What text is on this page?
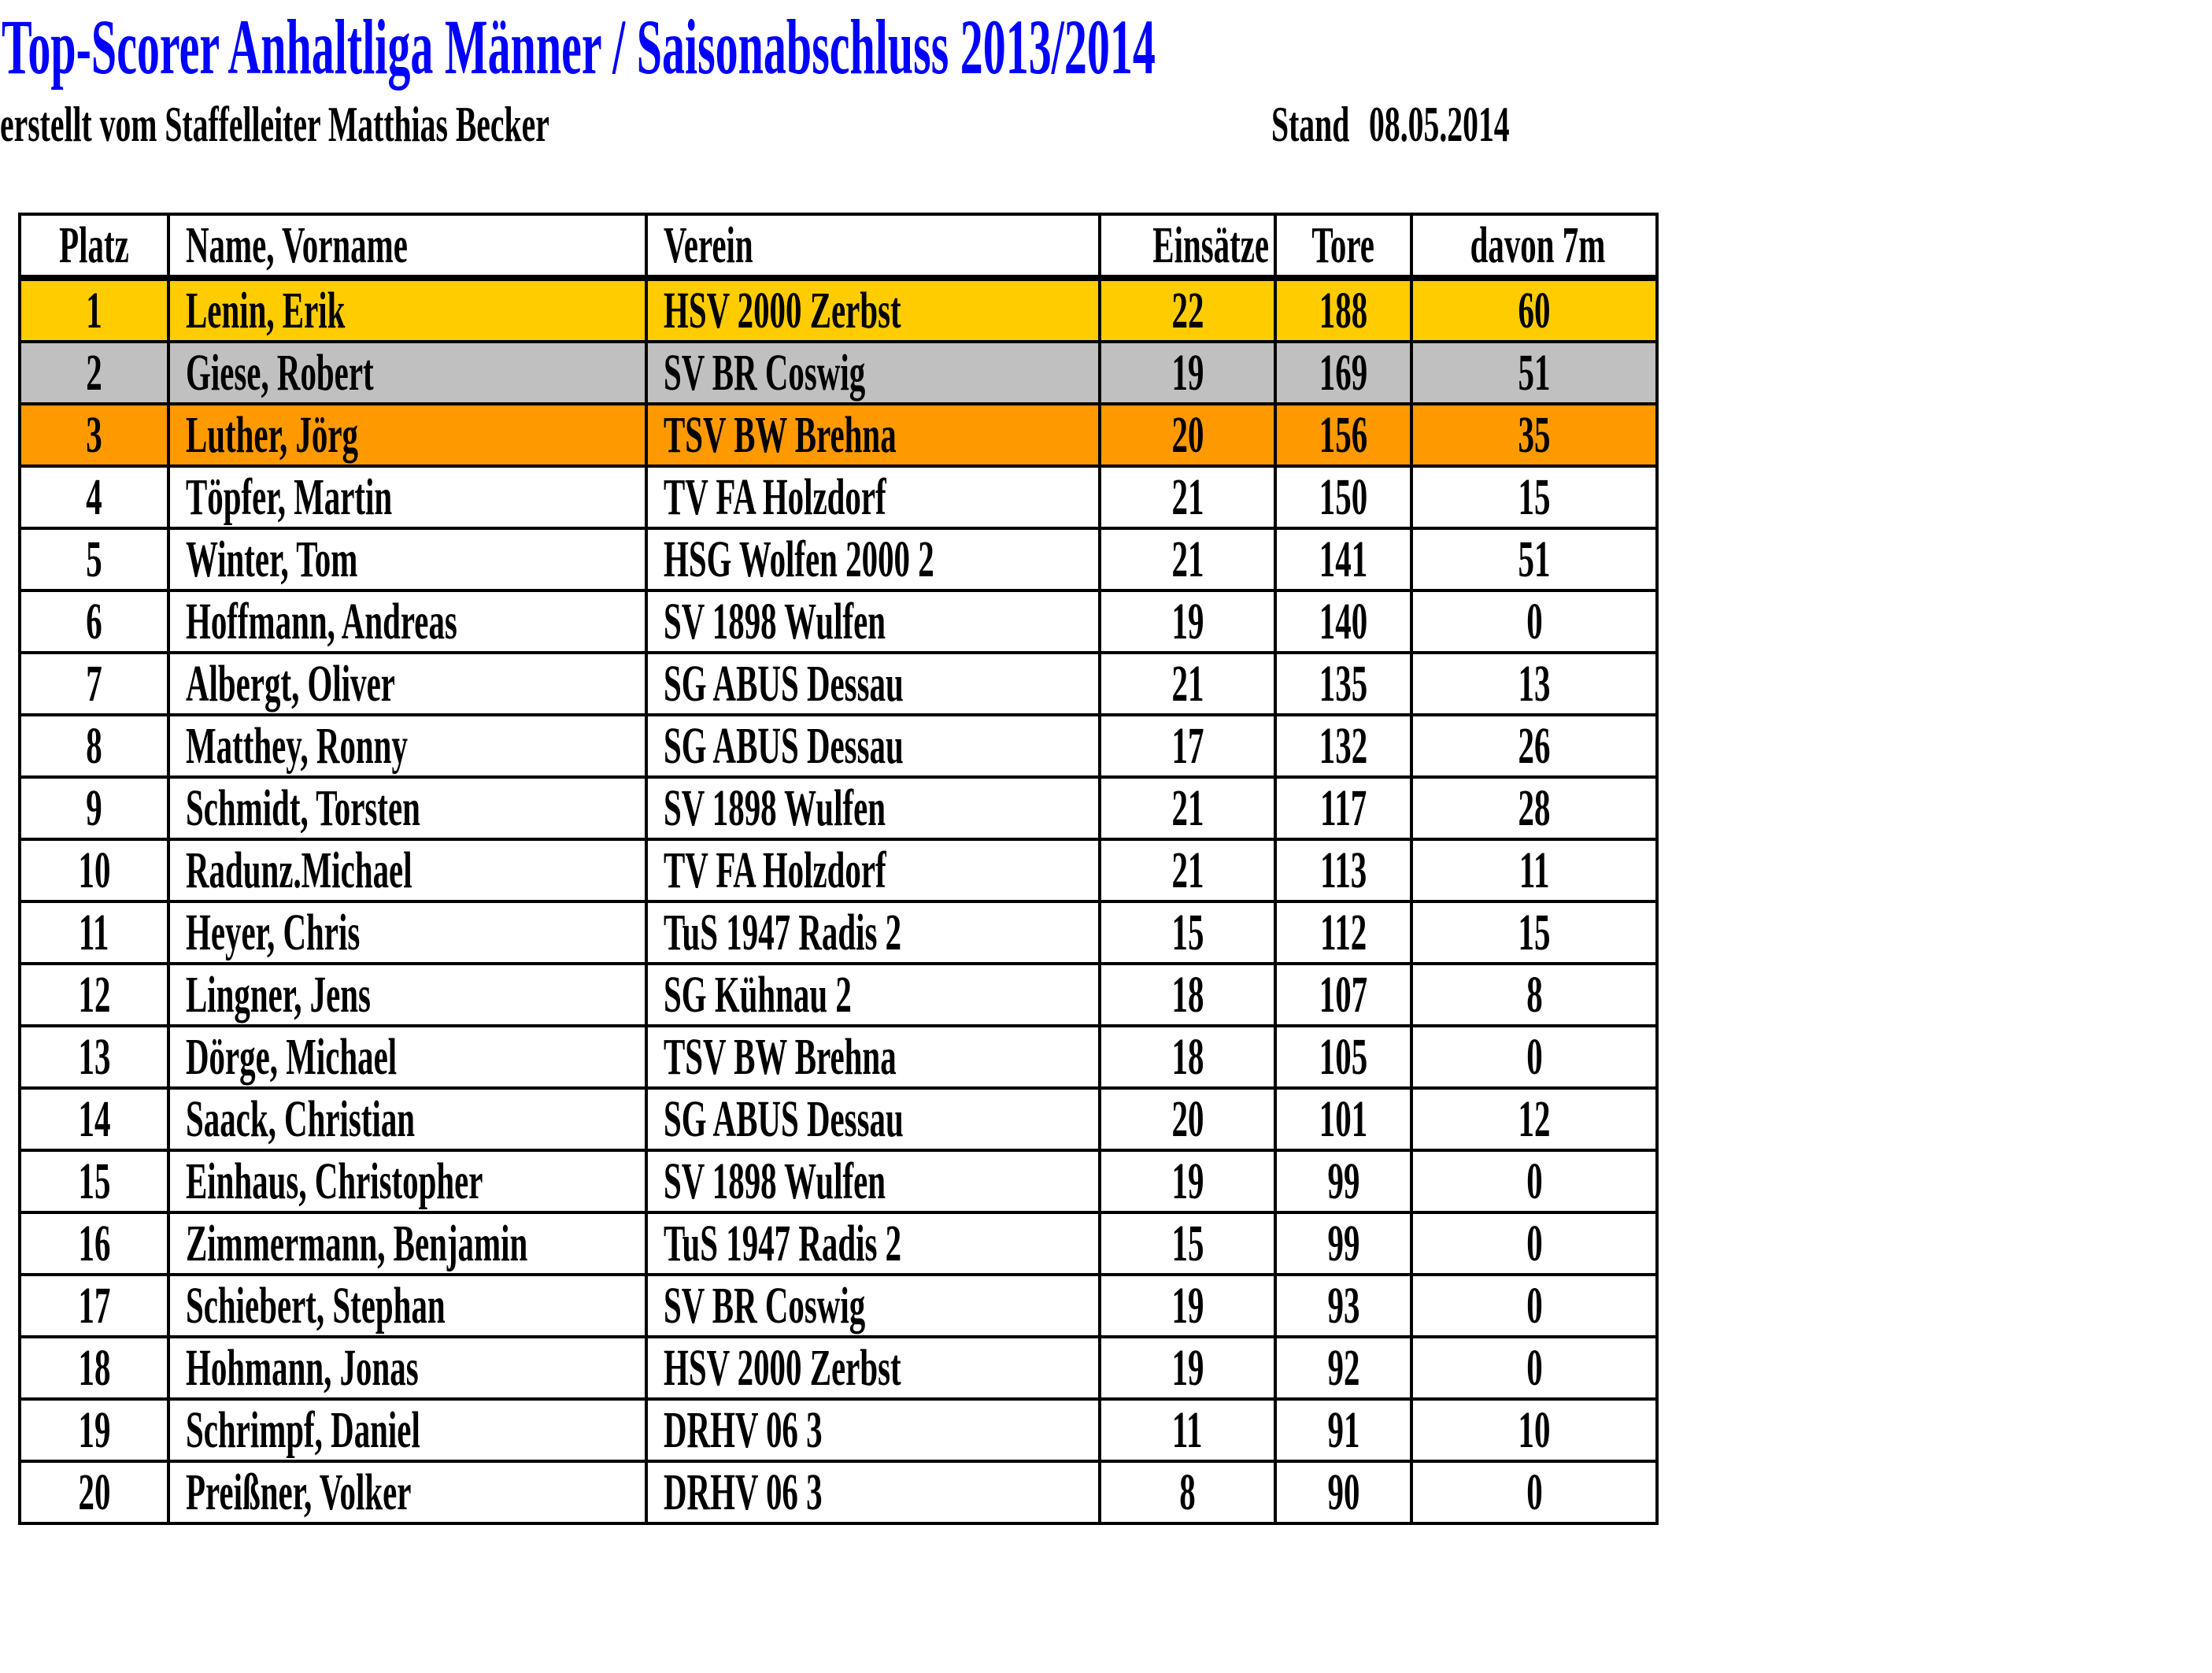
Top-Scorer Anhaltliga Männer / Saisonabschluss 2013/2014
erstellt vom Staffelleiter Matthias Becker	Stand 08.05.2014
Platz	Name, Vorname	Verein	Einsätze	Tore	davon 7m
1	Lenin, Erik	HSV 2000 Zerbst	22	188	60
2	Giese, Robert	SV BR Coswig	19	169	51
3	Luther, Jörg	TSV BW Brehna	20	156	35
4	Töpfer, Martin	TV FA Holzdorf	21	150	15
5	Winter, Tom	HSG Wolfen 2000 2	21	141	51
6	Hoffmann, Andreas	SV 1898 Wulfen	19	140	0
7	Albergt, Oliver	SG ABUS Dessau	21	135	13
8	Matthey, Ronny	SG ABUS Dessau	17	132	26
9	Schmidt, Torsten	SV 1898 Wulfen	21	117	28
10	Radunz.Michael	TV FA Holzdorf	21	113	11
11	Heyer, Chris	TuS 1947 Radis 2	15	112	15
12	Lingner, Jens	SG Kühnau 2	18	107	8
13	Dörge, Michael	TSV BW Brehna	18	105	0
14	Saack, Christian	SG ABUS Dessau	20	101	12
15	Einhaus, Christopher	SV 1898 Wulfen	19	99	0
16	Zimmermann, Benjamin	TuS 1947 Radis 2	15	99	0
17	Schiebert, Stephan	SV BR Coswig	19	93	0
18	Hohmann, Jonas	HSV 2000 Zerbst	19	92	0
19	Schrimpf, Daniel	DRHV 06 3	11	91	10
20	Preißner, Volker	DRHV 06 3	8	90	0
